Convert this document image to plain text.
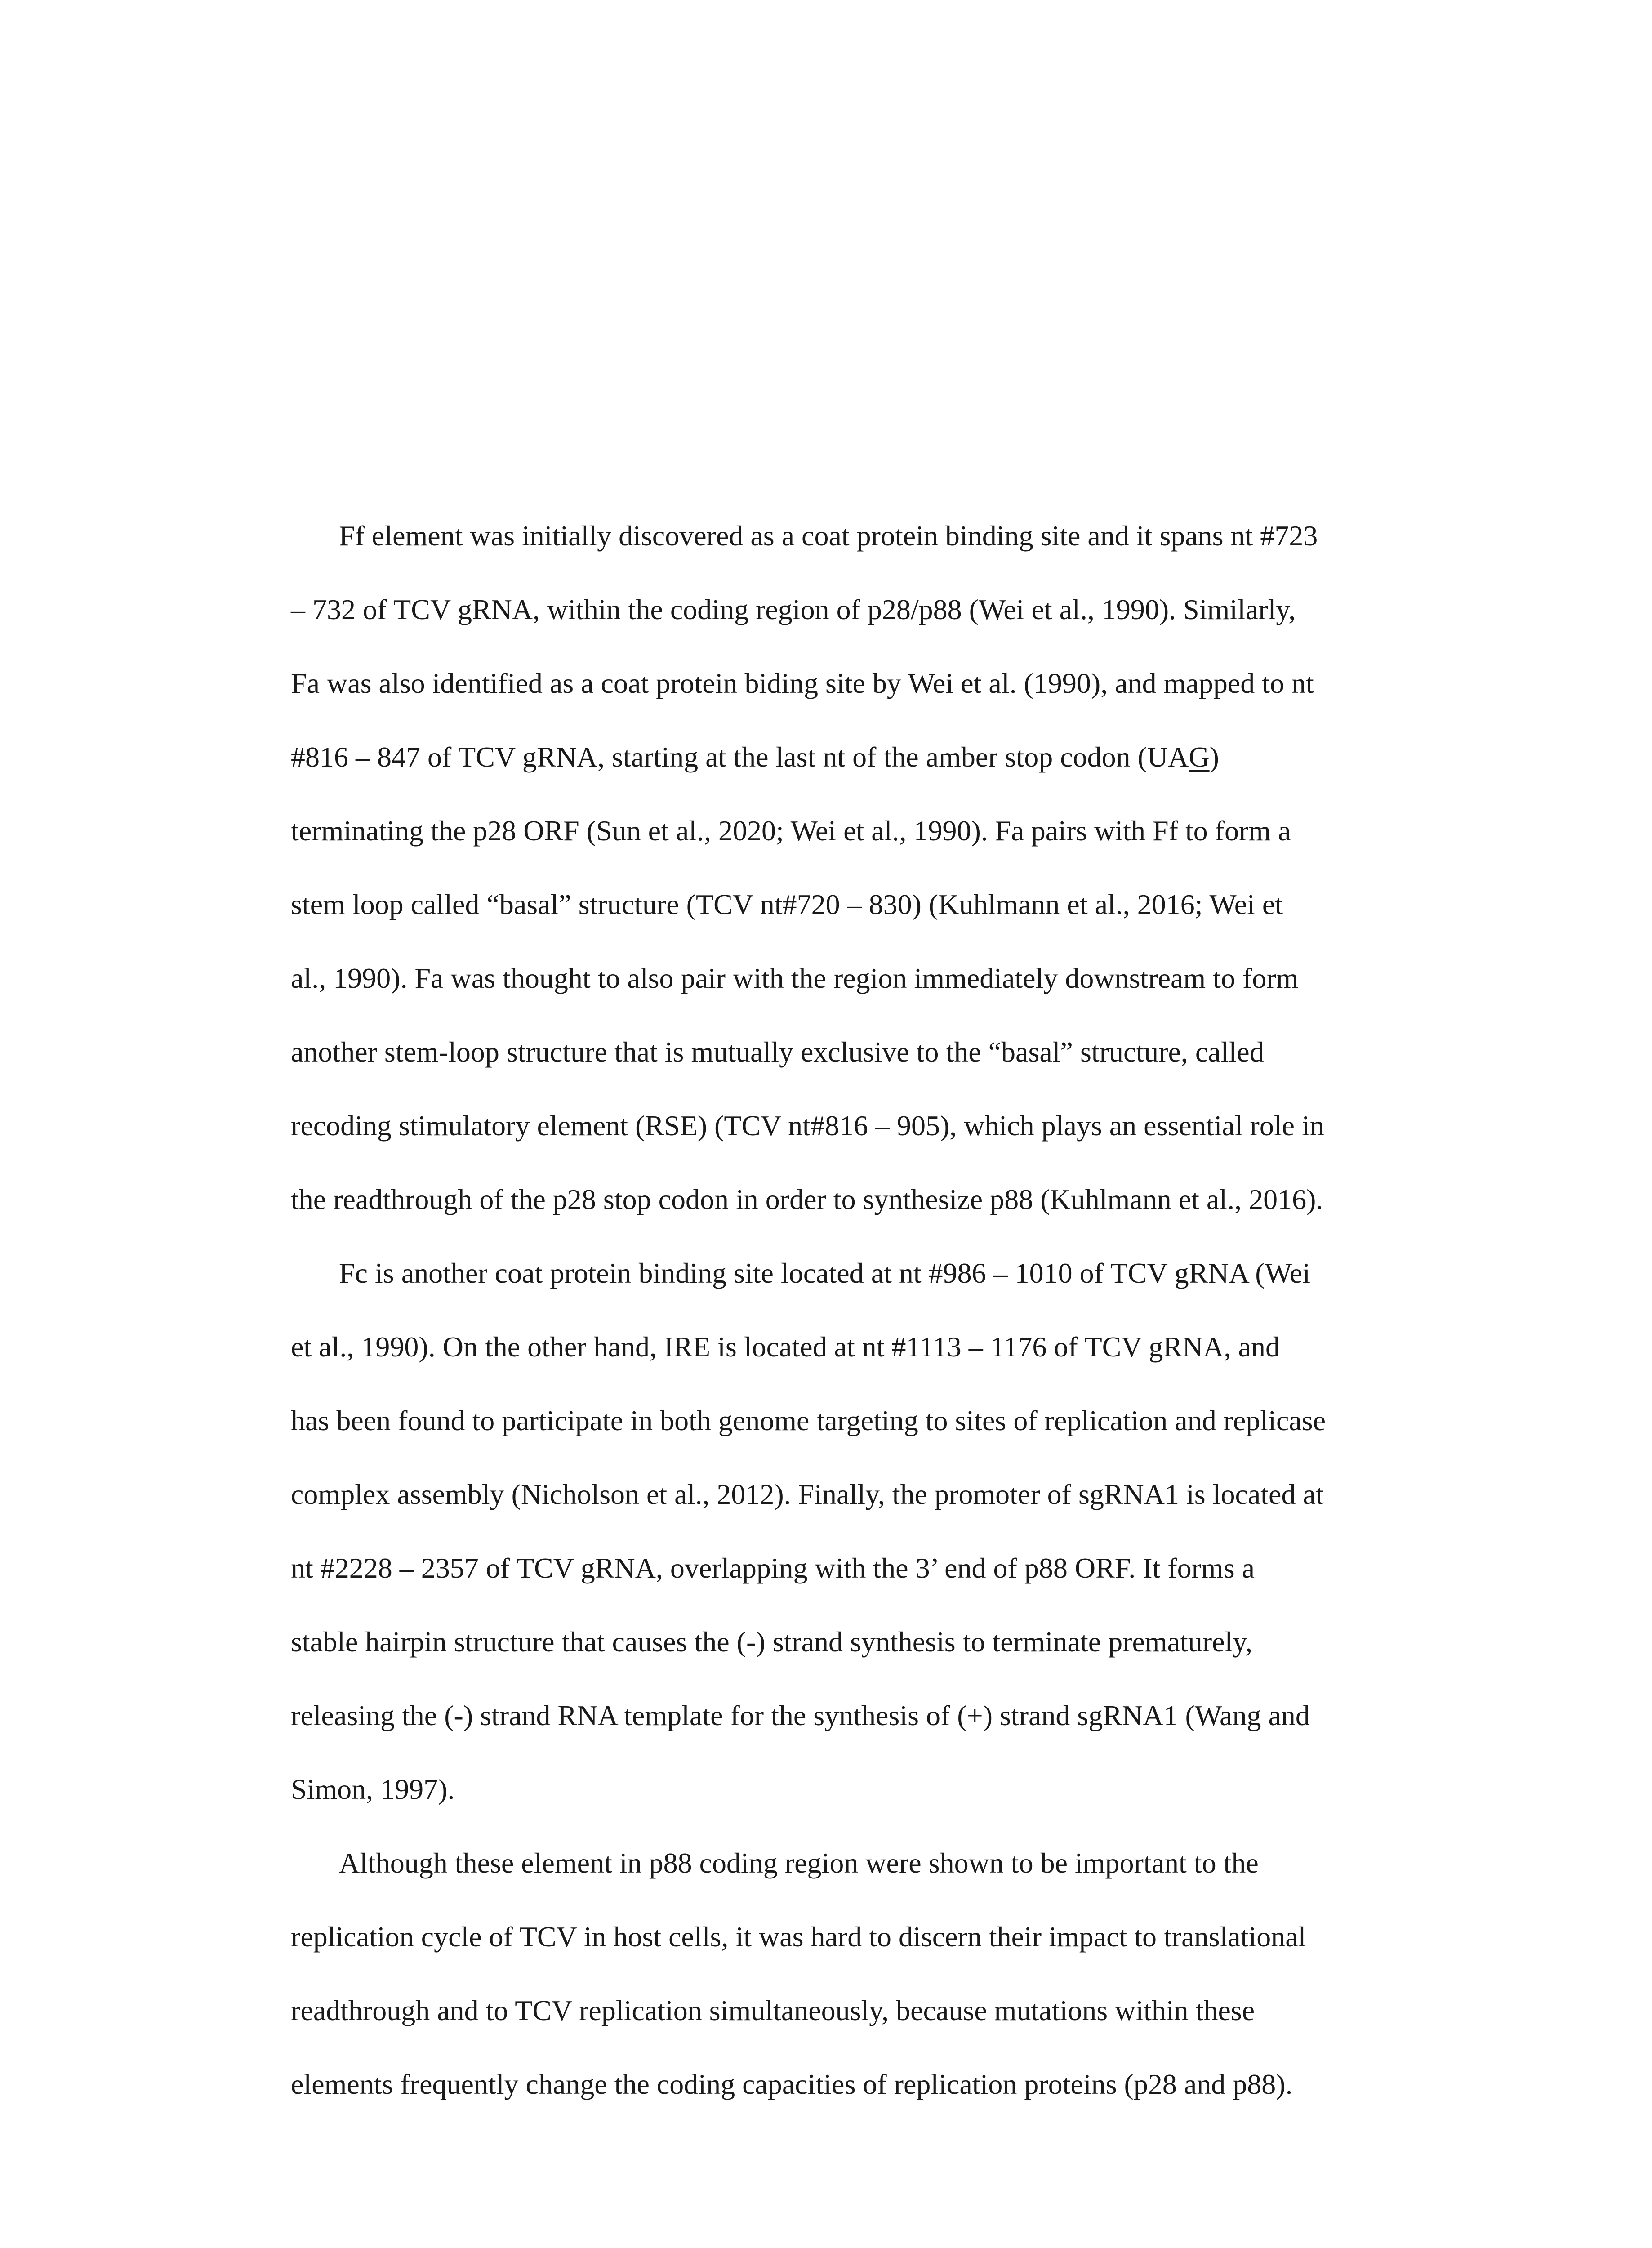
Ff element was initially discovered as a coat protein binding site and it spans nt #723
– 732 of TCV gRNA, within the coding region of p28/p88 (Wei et al., 1990). Similarly,
Fa was also identified as a coat protein biding site by Wei et al. (1990), and mapped to nt
#816 – 847 of TCV gRNA, starting at the last nt of the amber stop codon (UAG)
terminating the p28 ORF (Sun et al., 2020; Wei et al., 1990). Fa pairs with Ff to form a
stem loop called “basal” structure (TCV nt#720 – 830) (Kuhlmann et al., 2016; Wei et
al., 1990). Fa was thought to also pair with the region immediately downstream to form
another stem-loop structure that is mutually exclusive to the “basal” structure, called
recoding stimulatory element (RSE) (TCV nt#816 – 905), which plays an essential role in
the readthrough of the p28 stop codon in order to synthesize p88 (Kuhlmann et al., 2016).
Fc is another coat protein binding site located at nt #986 – 1010 of TCV gRNA (Wei
et al., 1990). On the other hand, IRE is located at nt #1113 – 1176 of TCV gRNA, and
has been found to participate in both genome targeting to sites of replication and replicase
complex assembly (Nicholson et al., 2012). Finally, the promoter of sgRNA1 is located at
nt #2228 – 2357 of TCV gRNA, overlapping with the 3’ end of p88 ORF. It forms a
stable hairpin structure that causes the (-) strand synthesis to terminate prematurely,
releasing the (-) strand RNA template for the synthesis of (+) strand sgRNA1 (Wang and
Simon, 1997).
Although these element in p88 coding region were shown to be important to the
replication cycle of TCV in host cells, it was hard to discern their impact to translational
readthrough and to TCV replication simultaneously, because mutations within these
elements frequently change the coding capacities of replication proteins (p28 and p88).
